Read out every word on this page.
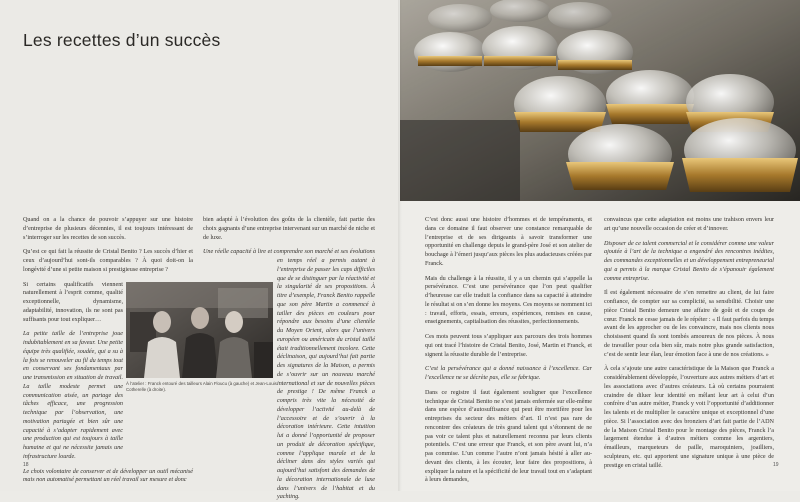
Les recettes d’un succès

Quand on a la chance de pouvoir s’appuyer sur une histoire d’entreprise de plusieurs décennies, il est toujours intéressant de s’interroger sur les recettes de son succès.

Qu’est ce qui fait la réussite de Cristal Benito ? Les succès d’hier et ceux d’aujourd’hui sont-ils comparables ? À quoi doit-on la longévité d’une si petite maison si prestigieuse entreprise ?

Si certains qualificatifs viennent naturellement à l’esprit comme, qualité exceptionnelle, dynamisme, adaptabilité, innovation, ils ne sont pas suffisants pour tout expliquer…

La petite taille de l’entreprise joue indubitablement en sa faveur. Une petite équipe très qualifiée, soudée, qui a su à la fois se renouveler au fil du temps tout en conservant ses fondamentaux par une transmission en situation de travail. La taille modeste permet une communication aisée, un partage des tâches efficace, une progression technique par l’observation, une motivation partagée et bien sûr une capacité à s’adapter rapidement avec une production qui est toujours à taille humaine et qui ne nécessite jamais une infrastructure lourde.

Le choix volontaire de conserver et de développer un outil mécanisé mais non automatisé permettant un réel travail sur mesure et donc

bien adapté à l’évolution des goûts de la clientèle, fait partie des choix gagnants d’une entreprise intervenant sur un marché de niche et de luxe.

Une réelle capacité à lire et comprendre son marché et ses évolutions en temps réel a permis autant à l’entreprise de passer les caps difficiles que de se distinguer par la réactivité et la singularité de ses propositions. À titre d’exemple, Franck Benito rappelle que son père Martin a commencé à tailler des pièces en couleurs pour répondre aux besoins d’une clientèle du Moyen Orient, alors que l’univers européen ou américain du cristal taillé était traditionnellement incolore. Cette déclinaison, qui aujourd’hui fait partie des signatures de la Maison, a permis de s’ouvrir sur un nouveau marché international et sur de nouvelles pièces de prestige ! De même Franck a compris très vite la nécessité de développer l’activité au-delà de l’accessoire et de s’ouvrir à la décoration intérieure. Cette intuition lui a donné l’opportunité de proposer un produit de décoration spécifique, comme l’applique murale et de la décliner dans des styles variés qui aujourd’hui satisfont des demandes de la décoration internationale de luxe dans l’univers de l’habitat et du yachting.

À l’atelier : Franck entouré des tailleurs Alain Floucu (à gauche) et Jean-Louis Cotherelle (à droite).
18

C’est donc aussi une histoire d’hommes et de tempéraments, et dans ce domaine il faut observer une constance remarquable de l’entreprise et de ses dirigeants à savoir transformer une opportunité en challenge depuis le grand-père José et son atelier de bouchage à l’émeri jusqu’aux pièces les plus audacieuses créées par Franck.

Mais du challenge à la réussite, il y a un chemin qui s’appelle la persévérance. C’est une persévérance que l’on peut qualifier d’heureuse car elle traduit la confiance dans sa capacité à atteindre le résultat si on s’en donne les moyens. Ces moyens se nomment ici : travail, efforts, essais, erreurs, expériences, remises en cause, enseignements, capitalisation des réussites, perfectionnements.

Ces mots peuvent tous s’appliquer aux parcours des trois hommes qui ont tracé l’histoire de Cristal Benito, José, Martin et Franck, et signent la réussite durable de l’entreprise.

C’est la persévérance qui a donné naissance à l’excellence. Car l’excellence ne se décrète pas, elle se fabrique.

Dans ce registre il faut également souligner que l’excellence technique de Cristal Benito ne s’est jamais enfermée sur elle-même dans une espèce d’autosuffisance qui peut être mortifère pour les entreprises du secteur des métiers d’art. Il n’est pas rare de rencontrer des créateurs de très grand talent qui s’étonnent de ne pas voir ce talent plus et naturellement reconnu par leurs clients potentiels. C’est une erreur que Franck, et son père avant lui, n’a pas commise. L’un comme l’autre n’ont jamais hésité à aller au-devant des clients, à les écouter, leur faire des propositions, à expliquer la nature et la spécificité de leur travail tout en s’adaptant à leurs demandes,

convaincus que cette adaptation est moins une trahison envers leur art qu’une nouvelle occasion de créer et d’innover.

Disposer de ce talent commercial et le considérer comme une valeur ajoutée à l’art de la technique a engendré des rencontres inédites, des commandes exceptionnelles et un développement entrepreneurial qui a permis à la marque Cristal Benito de s’épanouir également comme entreprise.

Il est également nécessaire de s’en remettre au client, de lui faire confiance, de compter sur sa complicité, sa sensibilité. Choisir une pièce Cristal Benito demeure une affaire de goût et de coups de cœur. Franck ne cesse jamais de le répéter : « Il faut parfois du temps avant de les approcher ou de les convaincre, mais nos clients nous choisissent quand ils sont tombés amoureux de nos pièces. À nous de travailler pour cela bien sûr, mais notre plus grande satisfaction, c’est de sentir leur élan, leur émotion face à une de nos créations. »

À cela s’ajoute une autre caractéristique de la Maison que Franck a considérablement développée, l’ouverture aux autres métiers d’art et les associations avec d’autres créateurs. Là où certains pourraient craindre de diluer leur identité en mêlant leur art à celui d’un confrère d’un autre métier, Franck y voit l’opportunité d’additionner les talents et de multiplier le caractère unique et exceptionnel d’une pièce. Si l’association avec des bronziers d’art fait partie de l’ADN de la Maison Cristal Benito pour le montage des pièces, Franck l’a largement étendue à d’autres métiers comme les argentiers, émailleurs, marqueteurs de paille, maroquiniers, joailliers, sculpteurs, etc. qui apportent une signature unique à une pièce de prestige en cristal taillé.	19
